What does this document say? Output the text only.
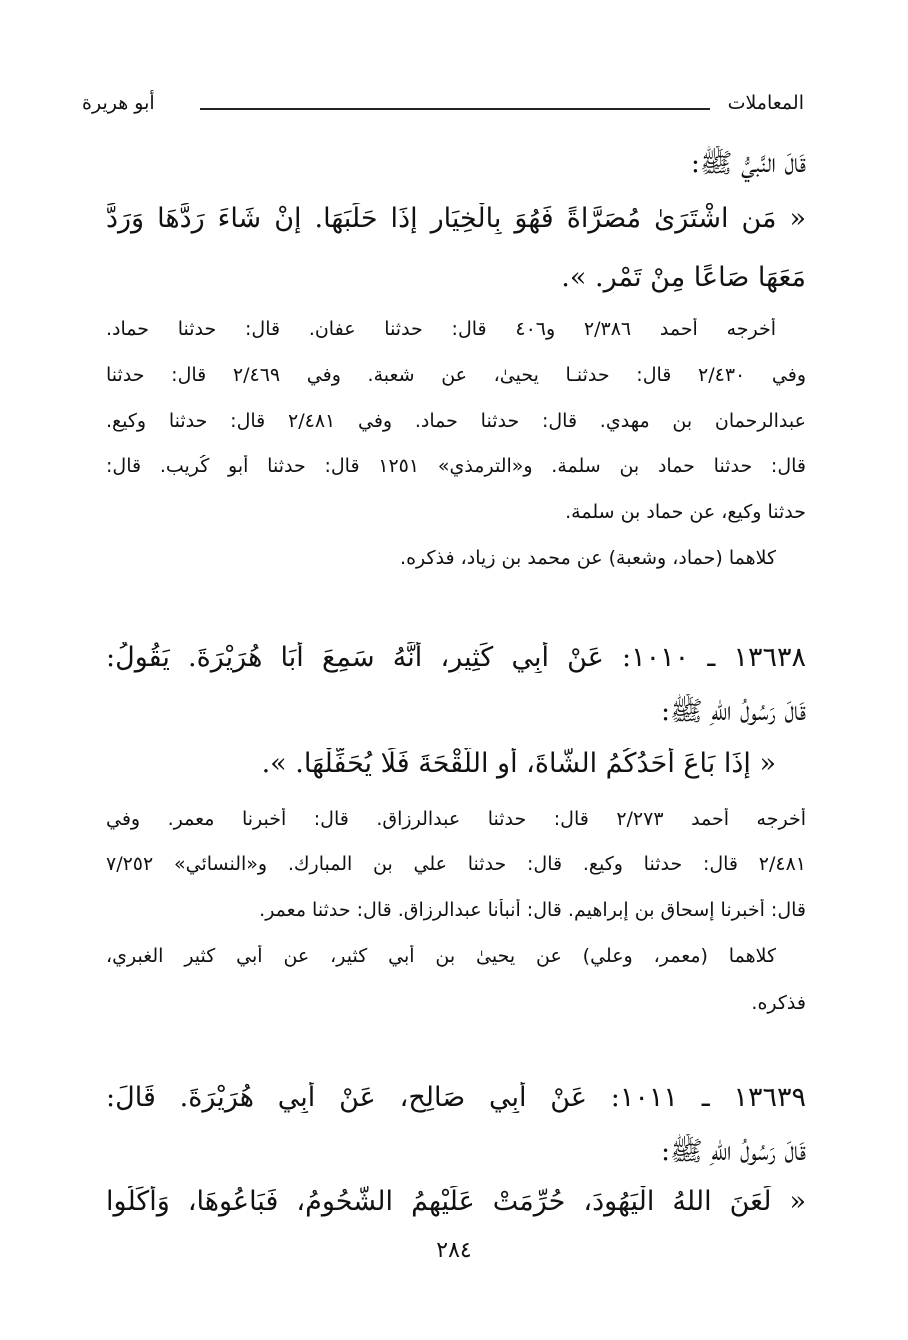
المعاملات
أبو هريرة
قَالَ النَّبيُّ ﷺ:
« مَن اشْتَرَىٰ مُصَرَّاةً فَهُوَ بِالْخِيَارِ إِذَا حَلَبَهَا. إِنْ شَاءَ رَدَّهَا وَرَدَّ
مَعَهَا صَاعًا مِنْ تَمْرٍ. ».
أخرجه أحمد ٢/٣٨٦ و٤٠٦ قال: حدثنا عفان. قال: حدثنا حماد.
وفي ٢/٤٣٠ قال: حدثنـا يحيىٰ، عن شعبة. وفي ٢/٤٦٩ قال: حدثنا
عبدالرحمان بن مهدي. قال: حدثنا حماد. وفي ٢/٤٨١ قال: حدثنا وكيع.
قال: حدثنا حماد بن سلمة. و«الترمذي» ١٢٥١ قال: حدثنا أبو كُريب. قال:
حدثنا وكيع، عن حماد بن سلمة.
كلاهما (حماد، وشعبة) عن محمد بن زياد، فذكره.
١٣٦٣٨ ـ ١٠١٠: عَنْ أَبِي كَثِيرٍ، أَنَّهُ سَمِعَ أَبَا هُرَيْرَةَ. يَقُولُ:
قَالَ رَسُولُ اللهِ ﷺ:
« إِذَا بَاعَ أَحَدُكُمُ الشَّاةَ، أَوِ اللَّقْحَةَ فَلَا يُحَفِّلْهَا. ».
أخرجه أحمد ٢/٢٧٣ قال: حدثنا عبدالرزاق. قال: أخبرنا معمر. وفي
٢/٤٨١ قال: حدثنا وكيع. قال: حدثنا علي بن المبارك. و«النسائي» ٧/٢٥٢
قال: أخبرنا إسحاق بن إبراهيم. قال: أنبأنا عبدالرزاق. قال: حدثنا معمر.
كلاهما (معمر، وعلي) عن يحيىٰ بن أبي كثير، عن أبي كثير الغبري،
فذكره.
١٣٦٣٩ ـ ١٠١١: عَنْ أَبِي صَالِحٍ، عَنْ أَبِي هُرَيْرَةَ. قَالَ:
قَالَ رَسُولُ اللهِ ﷺ:
« لَعَنَ اللهُ الْيَهُودَ، حُرِّمَتْ عَلَيْهِمُ الشُّحُومُ، فَبَاعُوهَا، وَأَكَلُوا
٢٨٤
